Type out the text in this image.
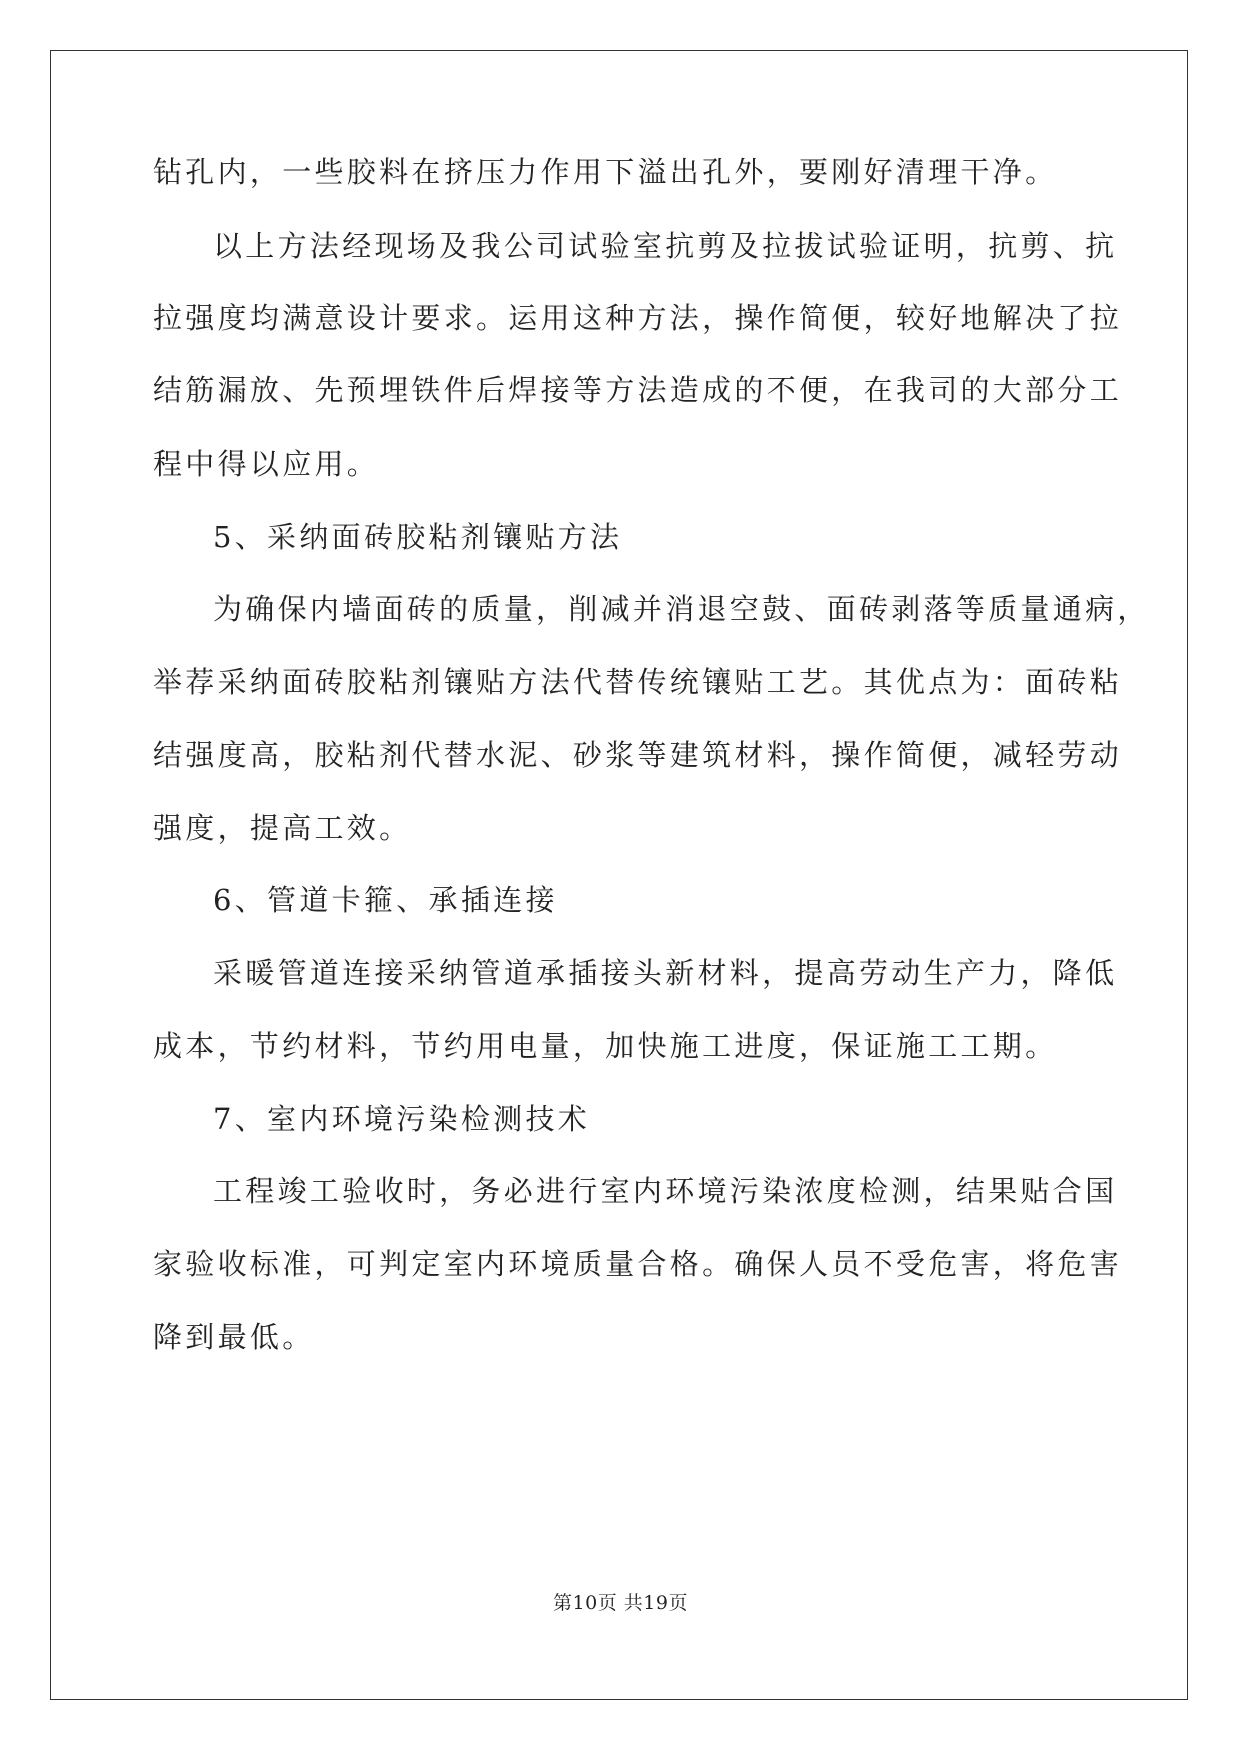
钻孔内，一些胶料在挤压力作用下溢出孔外，要刚好清理干净。
以上方法经现场及我公司试验室抗剪及拉拔试验证明，抗剪、抗
拉强度均满意设计要求。运用这种方法，操作简便，较好地解决了拉
结筋漏放、先预埋铁件后焊接等方法造成的不便，在我司的大部分工
程中得以应用。
5、采纳面砖胶粘剂镶贴方法
为确保内墙面砖的质量，削减并消退空鼓、面砖剥落等质量通病，
举荐采纳面砖胶粘剂镶贴方法代替传统镶贴工艺。其优点为：面砖粘
结强度高，胶粘剂代替水泥、砂浆等建筑材料，操作简便，减轻劳动
强度，提高工效。
6、管道卡箍、承插连接
采暖管道连接采纳管道承插接头新材料，提高劳动生产力，降低
成本，节约材料，节约用电量，加快施工进度，保证施工工期。
7、室内环境污染检测技术
工程竣工验收时，务必进行室内环境污染浓度检测，结果贴合国
家验收标准，可判定室内环境质量合格。确保人员不受危害，将危害
降到最低。
第10页 共19页
